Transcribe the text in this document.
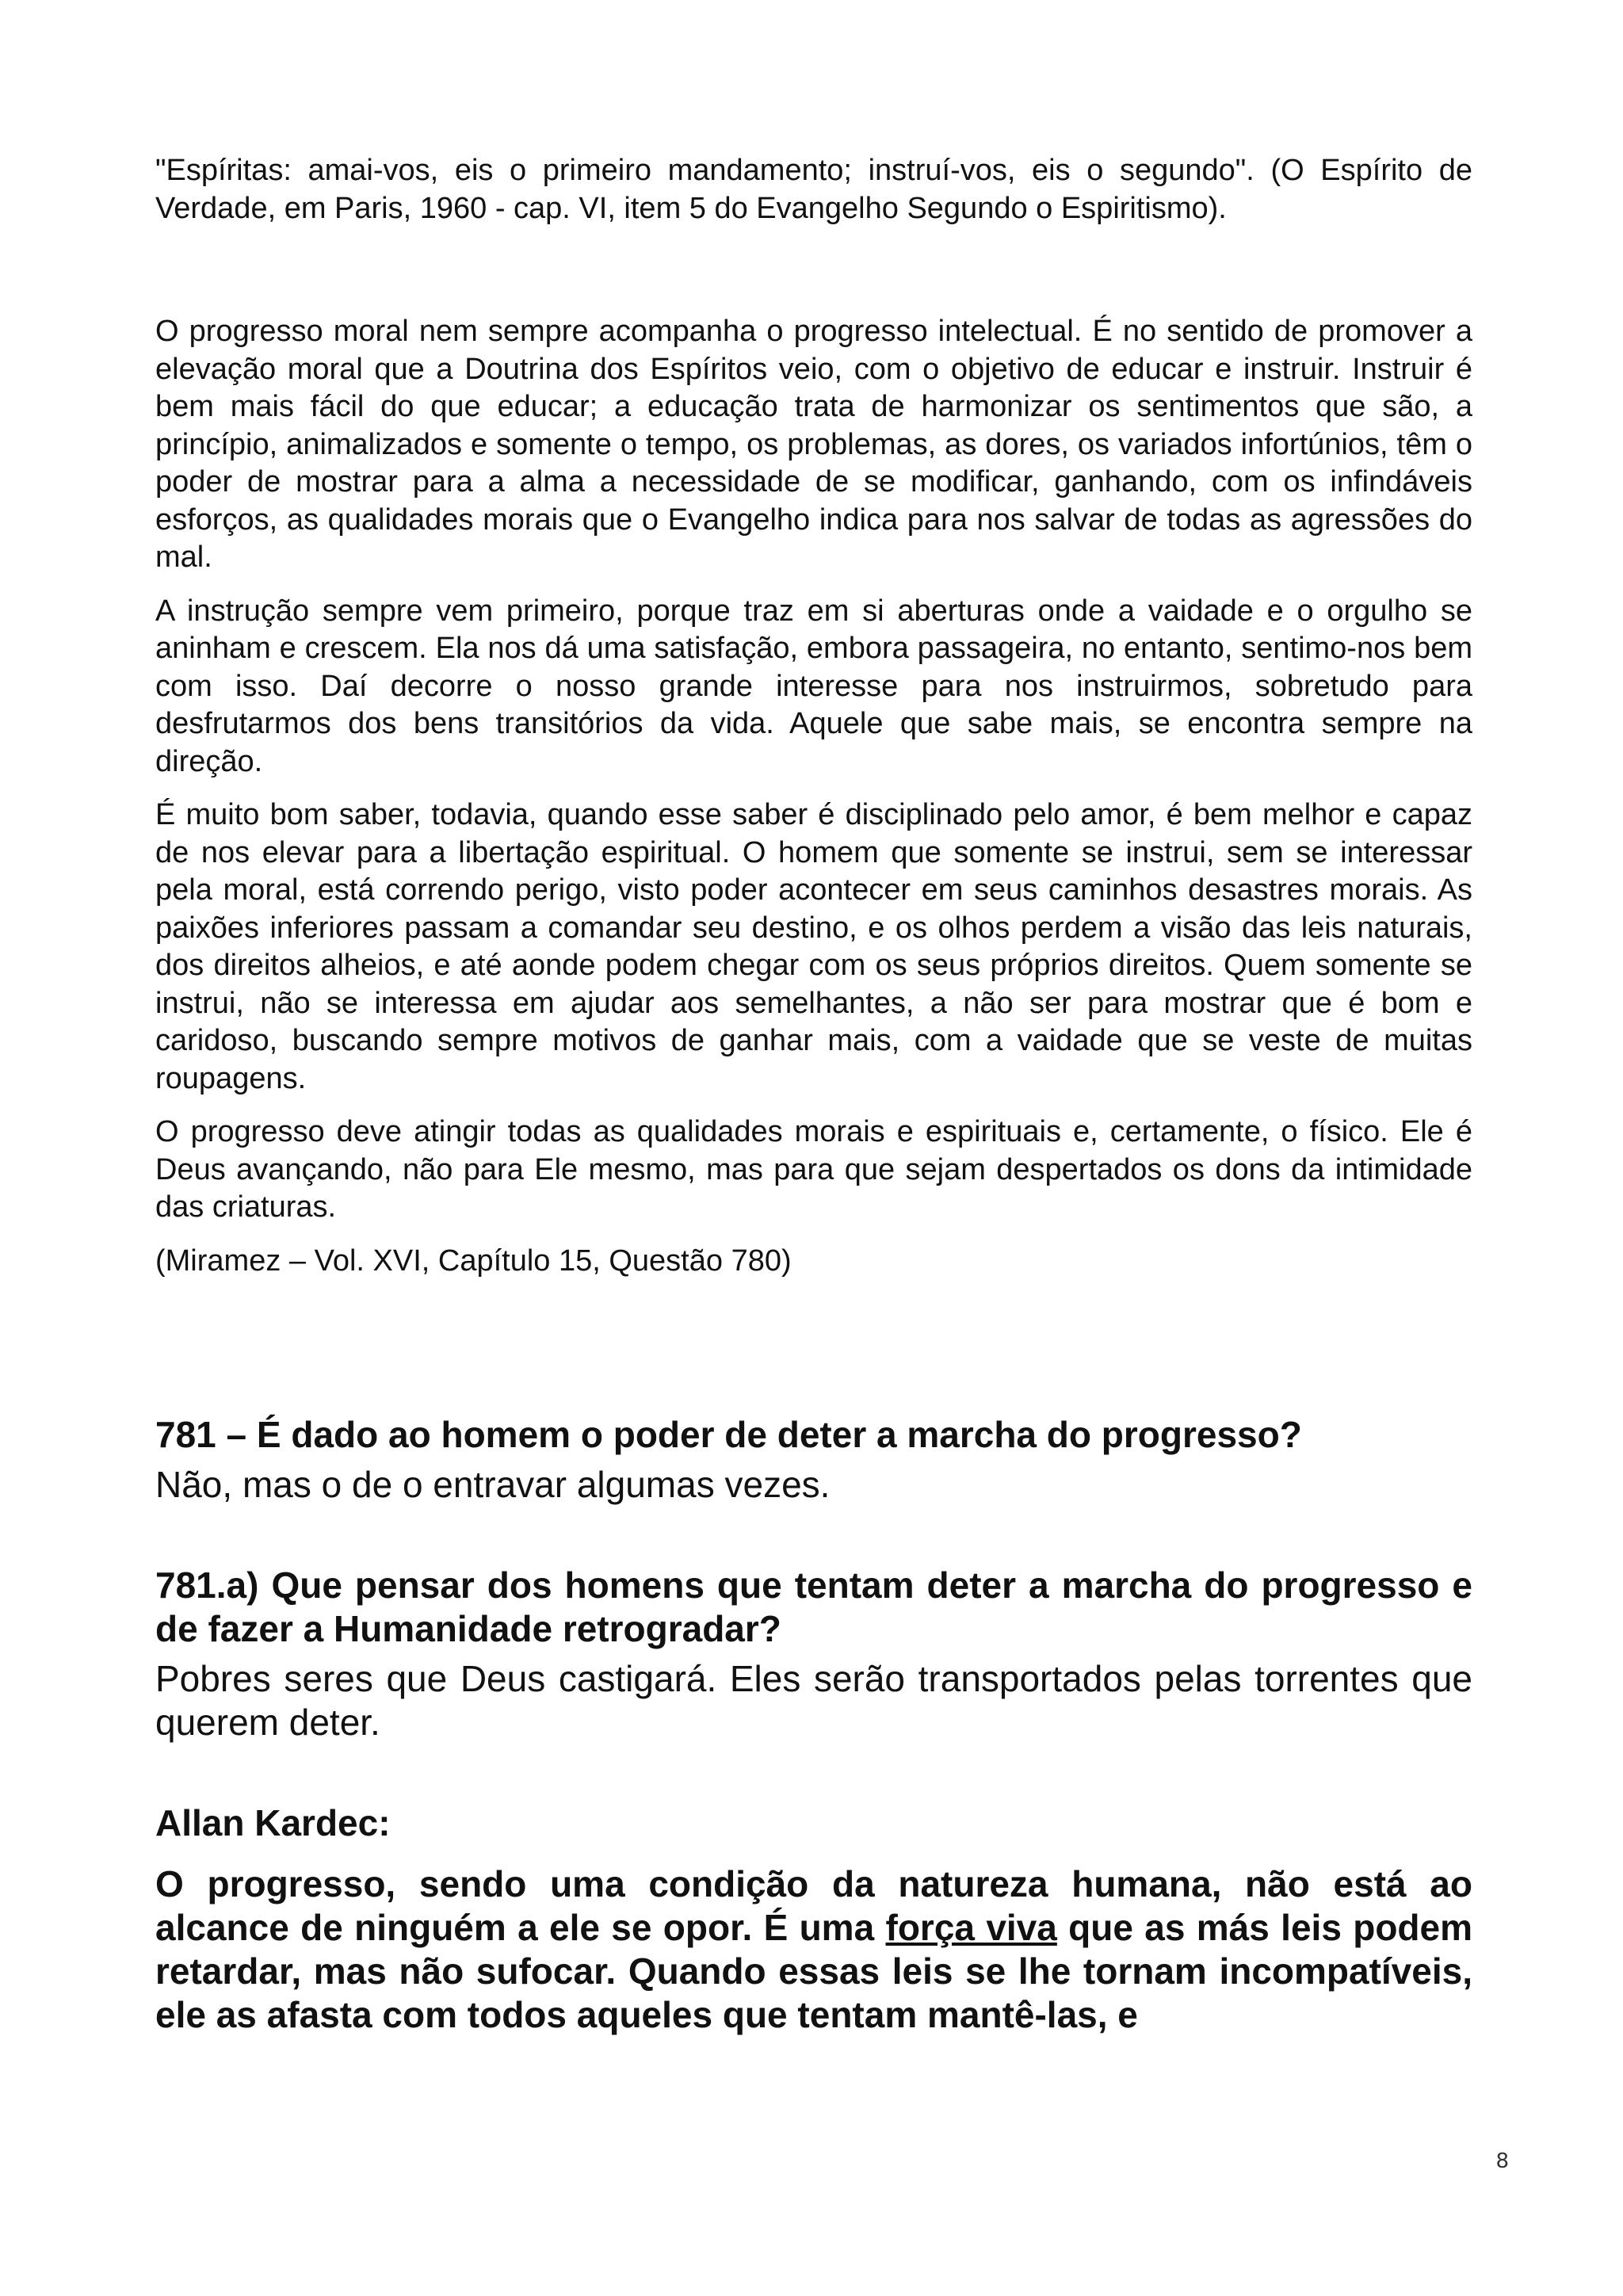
"Espíritas: amai-vos, eis o primeiro mandamento; instruí-vos, eis o segundo". (O Espírito de Verdade, em Paris, 1960 - cap. VI, item 5 do Evangelho Segundo o Espiritismo).

O progresso moral nem sempre acompanha o progresso intelectual. É no sentido de promover a elevação moral que a Doutrina dos Espíritos veio, com o objetivo de educar e instruir. Instruir é bem mais fácil do que educar; a educação trata de harmonizar os sentimentos que são, a princípio, animalizados e somente o tempo, os problemas, as dores, os variados infortúnios, têm o poder de mostrar para a alma a necessidade de se modificar, ganhando, com os infindáveis esforços, as qualidades morais que o Evangelho indica para nos salvar de todas as agressões do mal.

A instrução sempre vem primeiro, porque traz em si aberturas onde a vaidade e o orgulho se aninham e crescem. Ela nos dá uma satisfação, embora passageira, no entanto, sentimo-nos bem com isso. Daí decorre o nosso grande interesse para nos instruirmos, sobretudo para desfrutarmos dos bens transitórios da vida. Aquele que sabe mais, se encontra sempre na direção.

É muito bom saber, todavia, quando esse saber é disciplinado pelo amor, é bem melhor e capaz de nos elevar para a libertação espiritual. O homem que somente se instrui, sem se interessar pela moral, está correndo perigo, visto poder acontecer em seus caminhos desastres morais. As paixões inferiores passam a comandar seu destino, e os olhos perdem a visão das leis naturais, dos direitos alheios, e até aonde podem chegar com os seus próprios direitos. Quem somente se instrui, não se interessa em ajudar aos semelhantes, a não ser para mostrar que é bom e caridoso, buscando sempre motivos de ganhar mais, com a vaidade que se veste de muitas roupagens.

O progresso deve atingir todas as qualidades morais e espirituais e, certamente, o físico. Ele é Deus avançando, não para Ele mesmo, mas para que sejam despertados os dons da intimidade das criaturas.

(Miramez – Vol. XVI, Capítulo 15, Questão 780)

781 – É dado ao homem o poder de deter a marcha do progresso?

Não, mas o de o entravar algumas vezes.

781.a) Que pensar dos homens que tentam deter a marcha do progresso e de fazer a Humanidade retrogradar?

Pobres seres que Deus castigará. Eles serão transportados pelas torrentes que querem deter.

Allan Kardec:

O progresso, sendo uma condição da natureza humana, não está ao alcance de ninguém a ele se opor. É uma força viva que as más leis podem retardar, mas não sufocar. Quando essas leis se lhe tornam incompatíveis, ele as afasta com todos aqueles que tentam mantê-las, e

8
